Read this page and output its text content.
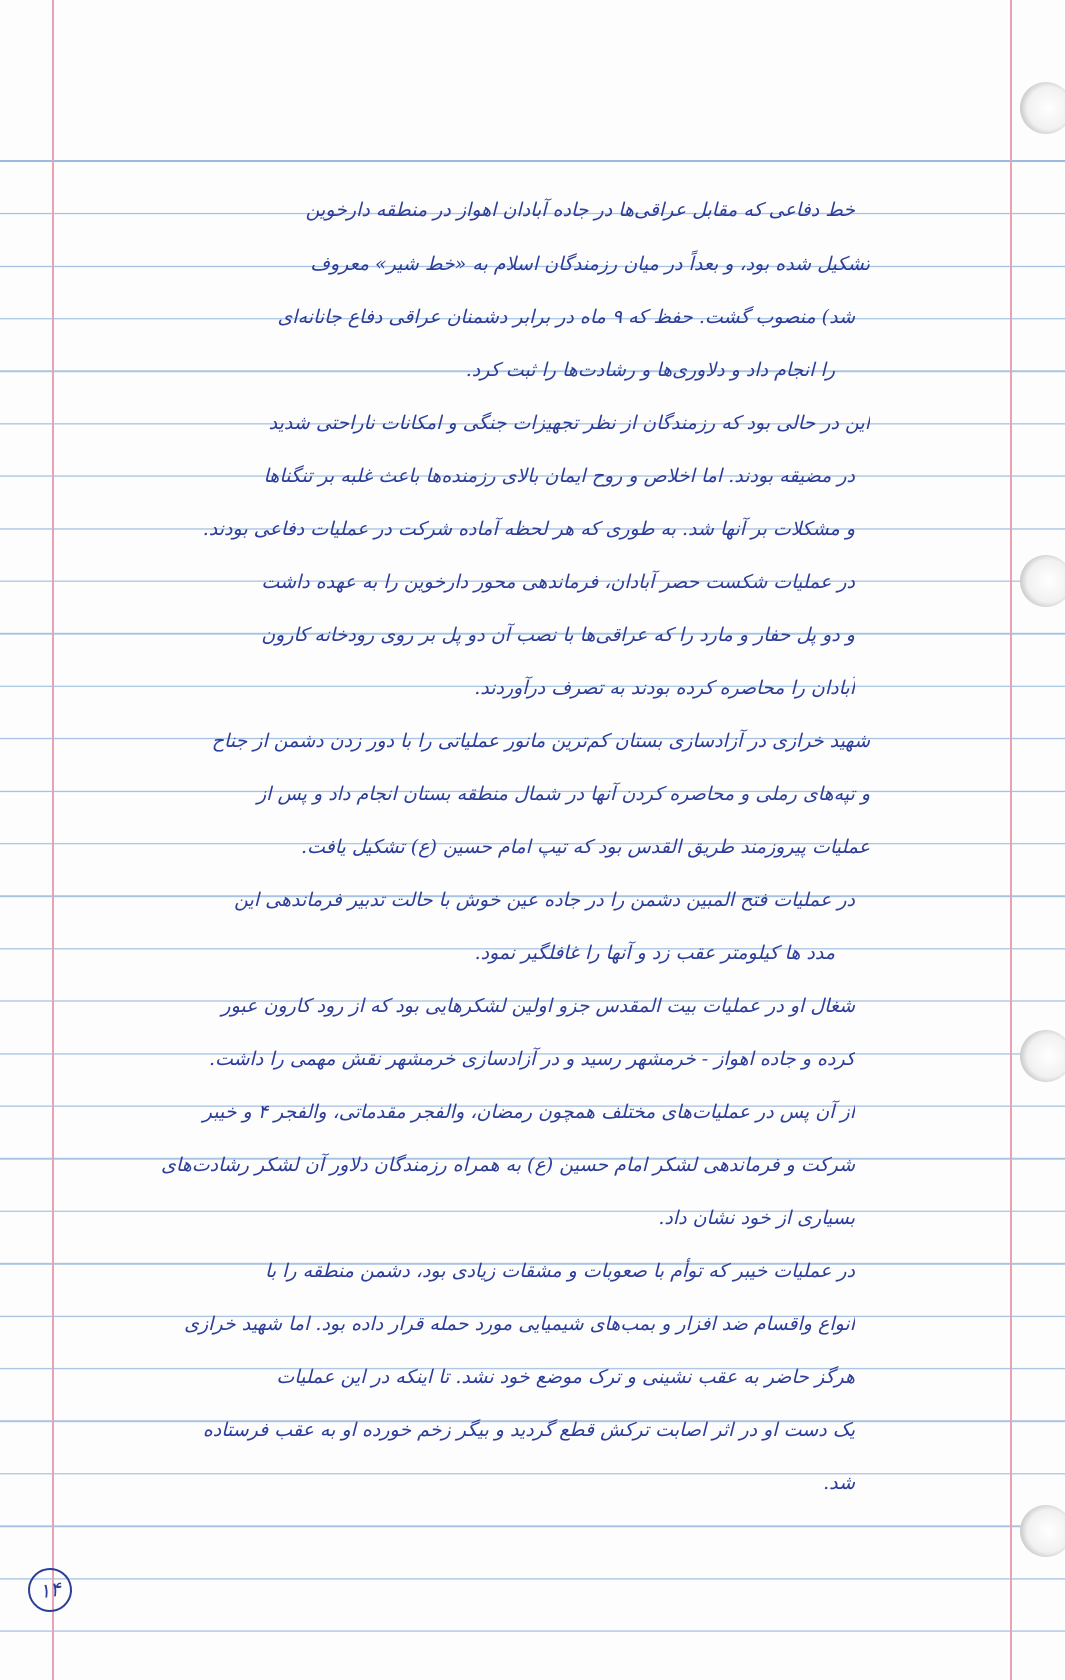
خط دفاعی که مقابل عراقی‌ها در جاده آبادان اهواز در منطقه دارخوین
تشکیل شده بود، و بعداً در میان رزمندگان اسلام به «خط شیر» معروف
شد) منصوب گشت. حفظ که ۹ ماه در برابر دشمنان عراقی دفاع جانانه‌ای
را انجام داد و دلاوری‌ها و رشادت‌ها را ثبت کرد.
این در حالی بود که رزمندگان از نظر تجهیزات جنگی و امکانات ناراحتی شدید
در مضیقه بودند. اما اخلاص و روح ایمان بالای رزمنده‌ها باعث غلبه بر تنگناها
و مشکلات بر آنها شد. به طوری که هر لحظه آماده شرکت در عملیات دفاعی بودند.
در عملیات شکست حصر آبادان، فرماندهی محور دارخوین را به عهده داشت
و دو پل حفار و مارد را که عراقی‌ها با نصب آن دو پل بر روی رودخانه کارون
آبادان را محاصره کرده بودند به تصرف درآوردند.
شهید خرازی در آزادسازی بستان کم‌ترین مانور عملیاتی را با دور زدن دشمن از جناح
و تپه‌های رملی و محاصره کردن آنها در شمال منطقه بستان انجام داد و پس از
عملیات پیروزمند طریق القدس بود که تیپ امام حسین (ع) تشکیل یافت.
در عملیات فتح المبین دشمن را در جاده عین خوش با حالت تدبیر فرماندهی این
مدد ها کیلومتر عقب زد و آنها را غافلگیر نمود.
شغال او در عملیات بیت المقدس جزو اولین لشکرهایی بود که از رود کارون عبور
کرده و جاده اهواز - خرمشهر رسید و در آزادسازی خرمشهر نقش مهمی را داشت.
از آن پس در عملیات‌های مختلف همچون رمضان، والفجر مقدماتی، والفجر ۴ و خیبر
شرکت و فرماندهی لشکر امام حسین (ع) به همراه رزمندگان دلاور آن لشکر رشادت‌های
بسیاری از خود نشان داد.
در عملیات خیبر که توأم با صعوبات و مشقات زیادی بود، دشمن منطقه را با
انواع واقسام ضد افزار و بمب‌های شیمیایی مورد حمله قرار داده بود. اما شهید خرازی
هرگز حاضر به عقب نشینی و ترک موضع خود نشد. تا اینکه در این عملیات
یک دست او در اثر اصابت ترکش قطع گردید و بیگر زخم خورده او به عقب فرستاده
شد.
۱۴
